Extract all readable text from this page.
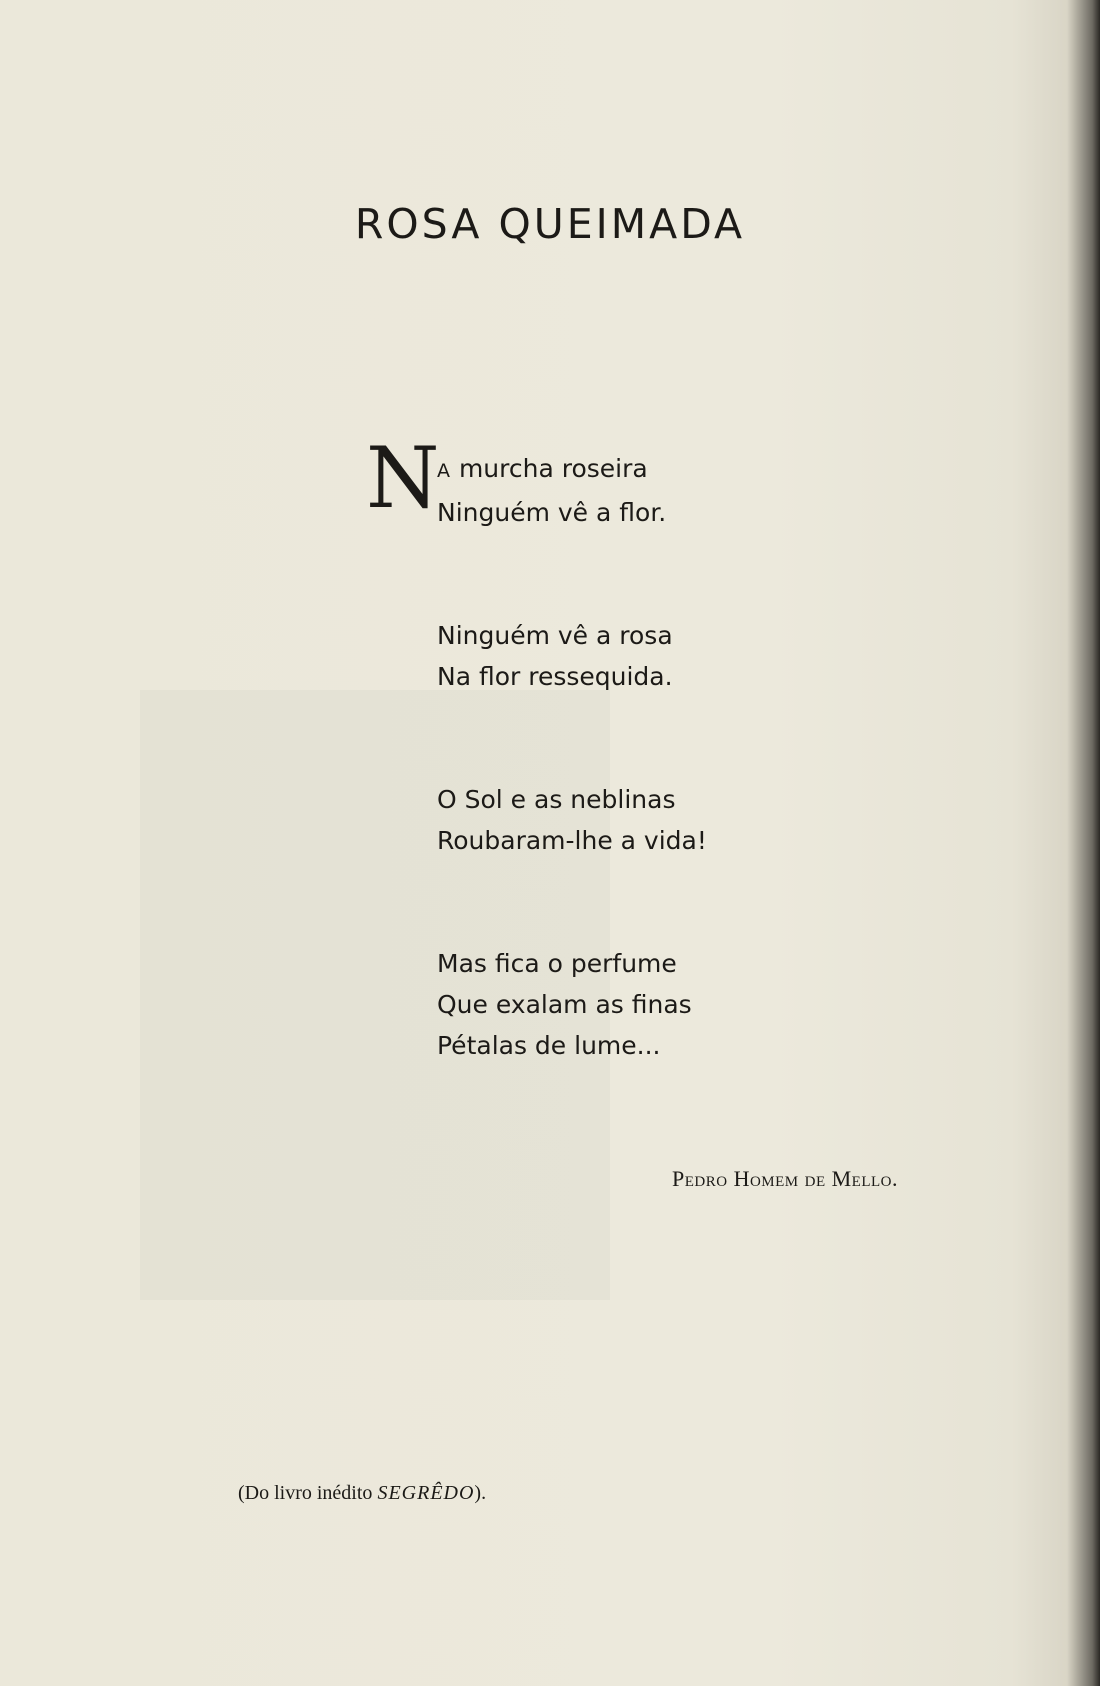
ROSA QUEIMADA
N
A murcha roseira
Ninguém vê a flor.
Ninguém vê a rosa
Na flor ressequida.
O Sol e as neblinas
Roubaram-lhe a vida!
Mas fica o perfume
Que exalam as finas
Pétalas de lume...
Pedro Homem de Mello.
(Do livro inédito SEGRÊDO).
